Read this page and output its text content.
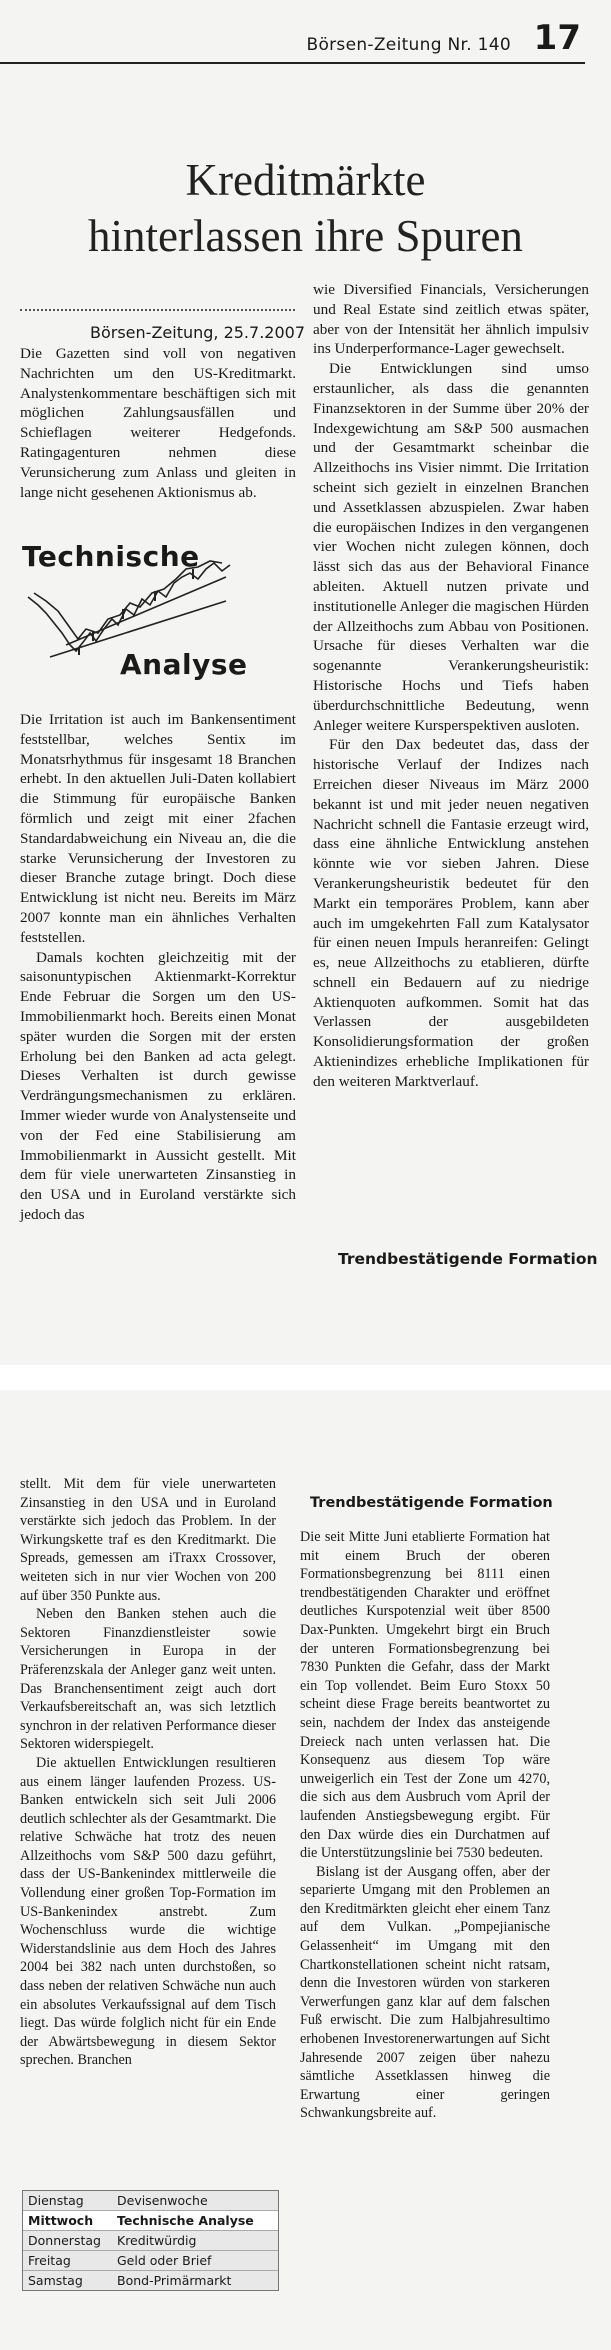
17
Börsen-Zeitung Nr. 140
Kreditmärkte
hinterlassen ihre Spuren
Börsen-Zeitung, 25.7.2007

Die Gazetten sind voll von negativen Nachrichten um den US-Kreditmarkt. Analystenkommentare beschäftigen sich mit möglichen Zahlungsausfällen und Schieflagen weiterer Hedgefonds. Ratingagenturen nehmen diese Verunsicherung zum Anlass und gleiten in lange nicht gesehenen Aktionismus ab.

Technische
Analyse

Die Irritation ist auch im Bankensentiment feststellbar, welches Sentix im Monatsrhythmus für insgesamt 18 Branchen erhebt. In den aktuellen Juli-Daten kollabiert die Stimmung für europäische Banken förmlich und zeigt mit einer 2fachen Standardabweichung ein Niveau an, die die starke Verunsicherung der Investoren zu dieser Branche zutage bringt. Doch diese Entwicklung ist nicht neu. Bereits im März 2007 konnte man ein ähnliches Verhalten feststellen.

Damals kochten gleichzeitig mit der saisonuntypischen Aktienmarkt-Korrektur Ende Februar die Sorgen um den US-Immobilienmarkt hoch. Bereits einen Monat später wurden die Sorgen mit der ersten Erholung bei den Banken ad acta gelegt. Dieses Verhalten ist durch gewisse Verdrängungsmechanismen zu erklären. Immer wieder wurde von Analystenseite und von der Fed eine Stabilisierung am Immobilienmarkt in Aussicht gestellt. Mit dem für viele unerwarteten Zinsanstieg in den USA und in Euroland verstärkte sich jedoch das

wie Diversified Financials, Versicherungen und Real Estate sind zeitlich etwas später, aber von der Intensität her ähnlich impulsiv ins Underperformance-Lager gewechselt.

Die Entwicklungen sind umso erstaunlicher, als dass die genannten Finanzsektoren in der Summe über 20% der Indexgewichtung am S&P 500 ausmachen und der Gesamtmarkt scheinbar die Allzeithochs ins Visier nimmt. Die Irritation scheint sich gezielt in einzelnen Branchen und Assetklassen abzuspielen. Zwar haben die europäischen Indizes in den vergangenen vier Wochen nicht zulegen können, doch lässt sich das aus der Behavioral Finance ableiten. Aktuell nutzen private und institutionelle Anleger die magischen Hürden der Allzeithochs zum Abbau von Positionen. Ursache für dieses Verhalten war die sogenannte Verankerungsheuristik: Historische Hochs und Tiefs haben überdurchschnittliche Bedeutung, wenn Anleger weitere Kursperspektiven ausloten.

Für den Dax bedeutet das, dass der historische Verlauf der Indizes nach Erreichen dieser Niveaus im März 2000 bekannt ist und mit jeder neuen negativen Nachricht schnell die Fantasie erzeugt wird, dass eine ähnliche Entwicklung anstehen könnte wie vor sieben Jahren. Diese Verankerungsheuristik bedeutet für den Markt ein temporäres Problem, kann aber auch im umgekehrten Fall zum Katalysator für einen neuen Impuls heranreifen: Gelingt es, neue Allzeithochs zu etablieren, dürfte schnell ein Bedauern auf zu niedrige Aktienquoten aufkommen. Somit hat das Verlassen der ausgebildeten Konsolidierungsformation der großen Aktienindizes erhebliche Implikationen für den weiteren Marktverlauf.

Trendbestätigende Formation

stellt. Mit dem für viele unerwarteten Zinsanstieg in den USA und in Euroland verstärkte sich jedoch das Problem. In der Wirkungskette traf es den Kreditmarkt. Die Spreads, gemessen am iTraxx Crossover, weiteten sich in nur vier Wochen von 200 auf über 350 Punkte aus.

Neben den Banken stehen auch die Sektoren Finanzdienstleister sowie Versicherungen in Europa in der Präferenzskala der Anleger ganz weit unten. Das Branchensentiment zeigt auch dort Verkaufsbereitschaft an, was sich letztlich synchron in der relativen Performance dieser Sektoren widerspiegelt.

Die aktuellen Entwicklungen resultieren aus einem länger laufenden Prozess. US-Banken entwickeln sich seit Juli 2006 deutlich schlechter als der Gesamtmarkt. Die relative Schwäche hat trotz des neuen Allzeithochs vom S&P 500 dazu geführt, dass der US-Bankenindex mittlerweile die Vollendung einer großen Top-Formation im US-Bankenindex anstrebt. Zum Wochenschluss wurde die wichtige Widerstandslinie aus dem Hoch des Jahres 2004 bei 382 nach unten durchstoßen, so dass neben der relativen Schwäche nun auch ein absolutes Verkaufssignal auf dem Tisch liegt. Das würde folglich nicht für ein Ende der Abwärtsbewegung in diesem Sektor sprechen. Branchen

Trendbestätigende Formation

Die seit Mitte Juni etablierte Formation hat mit einem Bruch der oberen Formationsbegrenzung bei 8111 einen trendbestätigenden Charakter und eröffnet deutliches Kurspotenzial weit über 8500 Dax-Punkten. Umgekehrt birgt ein Bruch der unteren Formationsbegrenzung bei 7830 Punkten die Gefahr, dass der Markt ein Top vollendet. Beim Euro Stoxx 50 scheint diese Frage bereits beantwortet zu sein, nachdem der Index das ansteigende Dreieck nach unten verlassen hat. Die Konsequenz aus diesem Top wäre unweigerlich ein Test der Zone um 4270, die sich aus dem Ausbruch vom April der laufenden Anstiegsbewegung ergibt. Für den Dax würde dies ein Durchatmen auf die Unterstützungslinie bei 7530 bedeuten.

Bislang ist der Ausgang offen, aber der separierte Umgang mit den Problemen an den Kreditmärkten gleicht eher einem Tanz auf dem Vulkan. „Pompejianische Gelassenheit“ im Umgang mit den Chartkonstellationen scheint nicht ratsam, denn die Investoren würden von starkeren Verwerfungen ganz klar auf dem falschen Fuß erwischt. Die zum Halbjahresultimo erhobenen Investorenerwartungen auf Sicht Jahresende 2007 zeigen über nahezu sämtliche Assetklassen hinweg die Erwartung einer geringen Schwankungsbreite auf.

Dienstag	Devisenwoche
Mittwoch	Technische Analyse
Donnerstag	Kreditwürdig
Freitag	Geld oder Brief
Samstag	Bond-Primärmarkt
